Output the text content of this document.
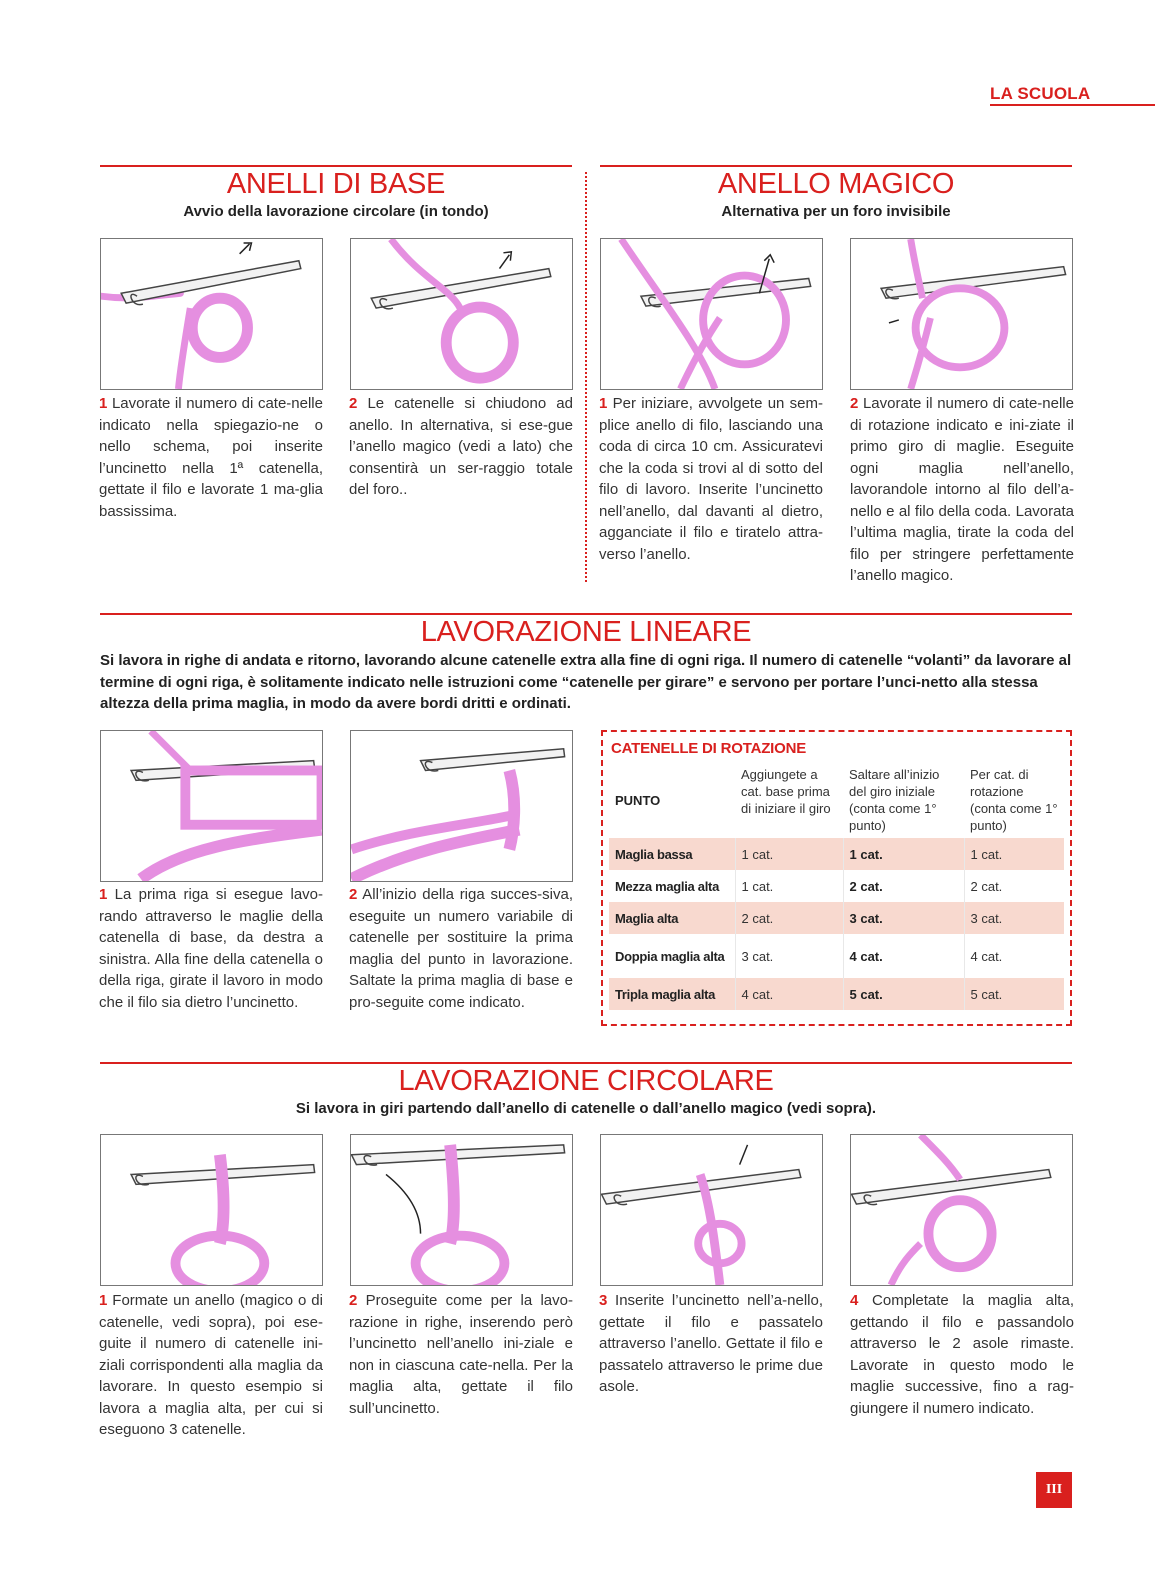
LA SCUOLA
ANELLI DI BASE
Avvio della lavorazione circolare (in tondo)
ANELLO MAGICO
Alternativa per un foro invisibile
1 Lavorate il numero di cate-nelle indicato nella spiegazio-ne o nello schema, poi inserite l’uncinetto nella 1ª catenella, gettate il filo e lavorate 1 ma-glia bassissima.
2 Le catenelle si chiudono ad anello. In alternativa, si ese-gue l’anello magico (vedi a lato) che consentirà un ser-raggio totale del foro..
1 Per iniziare, avvolgete un sem-plice anello di filo, lasciando una coda di circa 10 cm. Assicuratevi che la coda si trovi al di sotto del filo di lavoro. Inserite l’uncinetto nell’anello, dal davanti al dietro, agganciate il filo e tiratelo attra-verso l’anello.
2 Lavorate il numero di cate-nelle di rotazione indicato e ini-ziate il primo giro di maglie. Eseguite ogni maglia nell’anello, lavorandole intorno al filo dell’a-nello e al filo della coda. Lavorata l’ultima maglia, tirate la coda del filo per stringere perfettamente l’anello magico.
LAVORAZIONE LINEARE
Si lavora in righe di andata e ritorno, lavorando alcune catenelle extra alla fine di ogni riga. Il numero di catenelle “volanti” da lavorare al termine di ogni riga, è solitamente indicato nelle istruzioni come “catenelle per girare” e servono per portare l’unci-netto alla stessa altezza della prima maglia, in modo da avere bordi dritti e ordinati.
1 La prima riga si esegue lavo-rando attraverso le maglie della catenella di base, da destra a sinistra. Alla fine della catenella o della riga, girate il lavoro in modo che il filo sia dietro l’uncinetto.
2 All’inizio della riga succes-siva, eseguite un numero variabile di catenelle per sostituire la prima maglia del punto in lavorazione. Saltate la prima maglia di base e pro-seguite come indicato.
CATENELLE DI ROTAZIONE
PUNTO	Aggiungete a cat. base prima di iniziare il giro	Saltare all’inizio del giro iniziale (conta come 1° punto)	Per cat. di rotazione (conta come 1° punto)
Maglia bassa	1 cat.	1 cat.	1 cat.
Mezza maglia alta	1 cat.	2 cat.	2 cat.
Maglia alta	2 cat.	3 cat.	3 cat.
Doppia maglia alta	3 cat.	4 cat.	4 cat.
Tripla maglia alta	4 cat.	5 cat.	5 cat.
LAVORAZIONE CIRCOLARE
Si lavora in giri partendo dall’anello di catenelle o dall’anello magico (vedi sopra).
1 Formate un anello (magico o di catenelle, vedi sopra), poi ese-guite il numero di catenelle ini-ziali corrispondenti alla maglia da lavorare. In questo esempio si lavora a maglia alta, per cui si eseguono 3 catenelle.
2 Proseguite come per la lavo-razione in righe, inserendo però l’uncinetto nell’anello ini-ziale e non in ciascuna cate-nella. Per la maglia alta, gettate il filo sull’uncinetto.
3 Inserite l’uncinetto nell’a-nello, gettate il filo e passatelo attraverso l’anello. Gettate il filo e passatelo attraverso le prime due asole.
4 Completate la maglia alta, gettando il filo e passandolo attraverso le 2 asole rimaste. Lavorate in questo modo le maglie successive, fino a rag-giungere il numero indicato.
III
